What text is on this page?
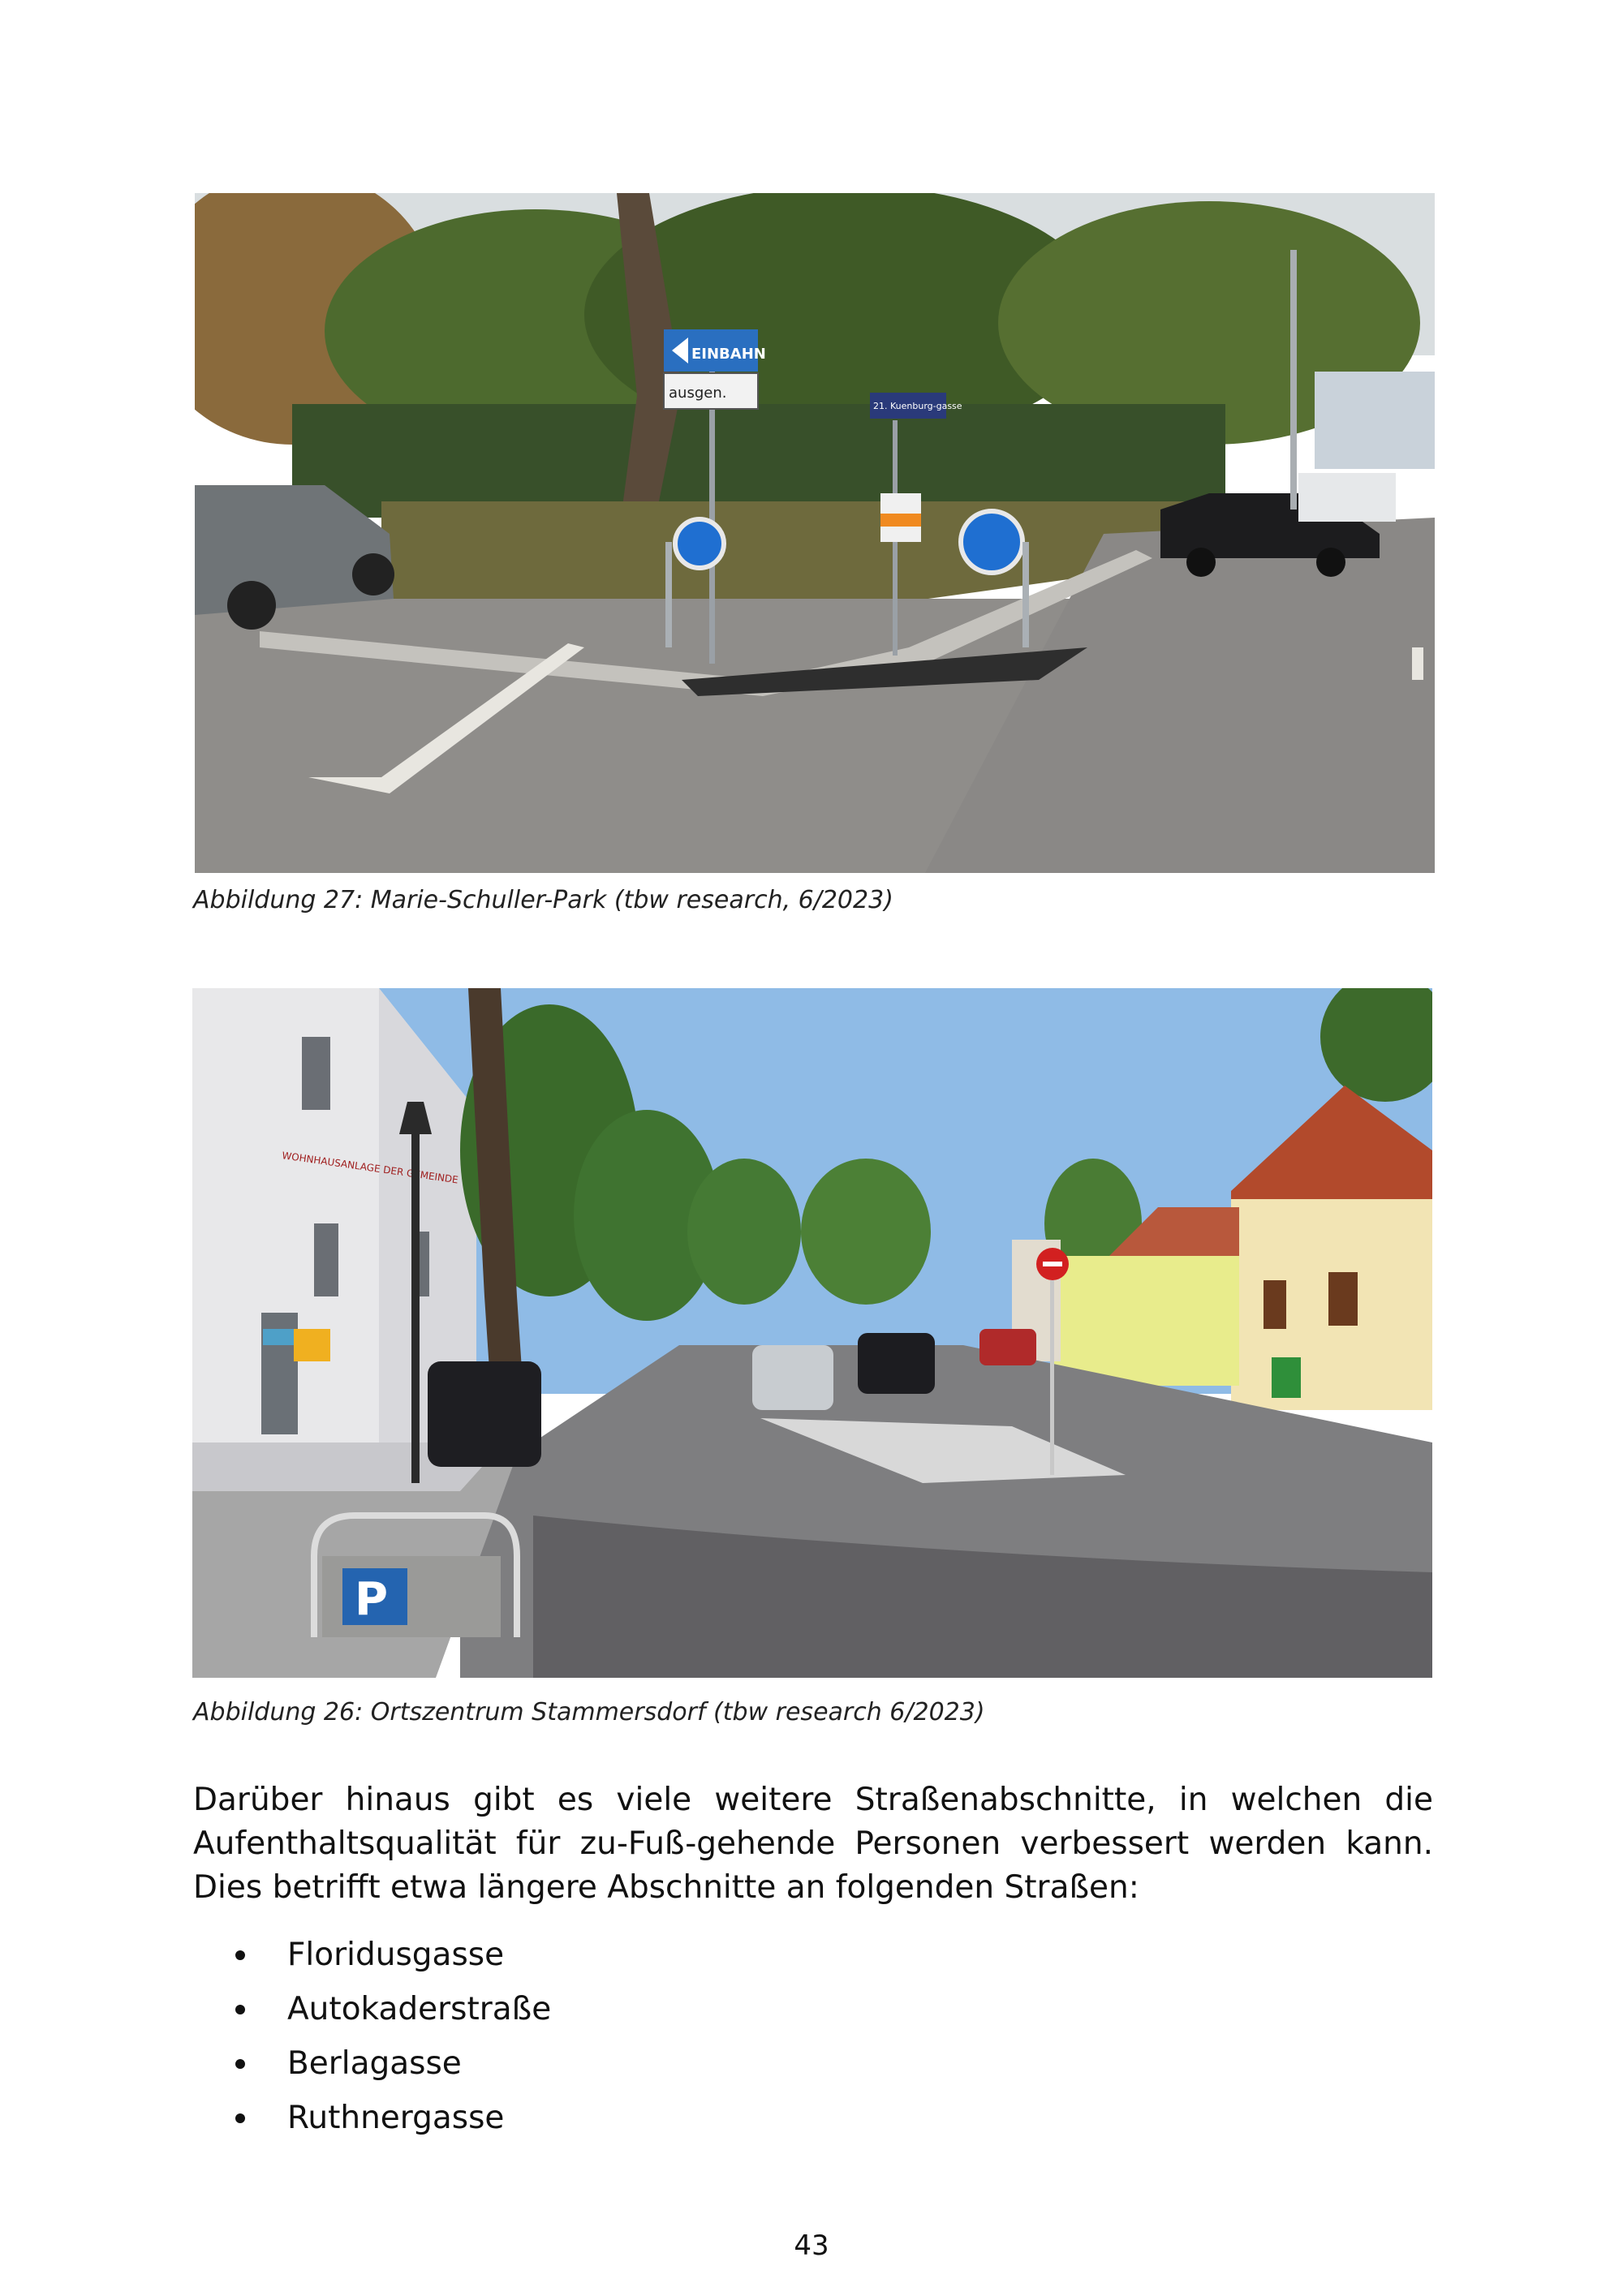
EINBAHN
ausgen.
21. Kuenburg-gasse
Abbildung 27: Marie-Schuller-Park (tbw research, 6/2023)
WOHNHAUSANLAGE DER GEMEINDE
P
Abbildung 26: Ortszentrum Stammersdorf (tbw research 6/2023)
Darüber hinaus gibt es viele weitere Straßenabschnitte, in welchen die Aufenthaltsqualität für zu-Fuß-gehende Personen verbessert werden kann. Dies betrifft etwa längere Abschnitte an folgenden Straßen:
Floridusgasse
Autokaderstraße
Berlagasse
Ruthnergasse
43
